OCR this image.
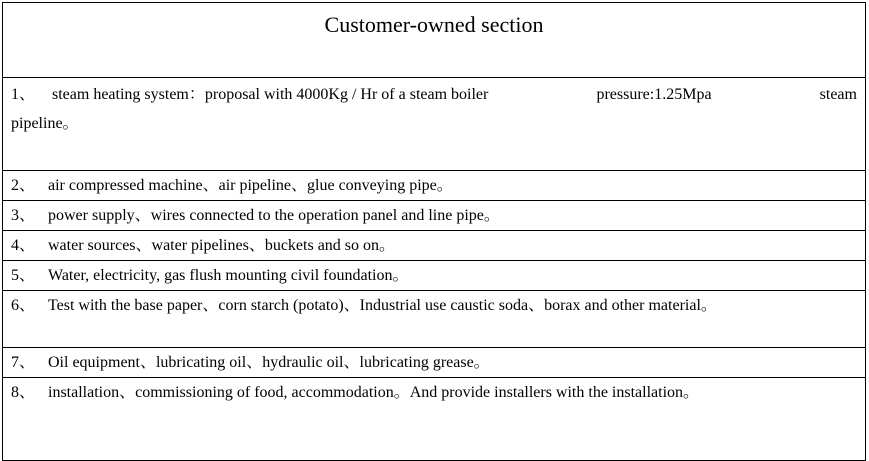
Customer-owned section

1、 steam heating system：proposal with 4000Kg / Hr of a steam boiler	pressure:1.25Mpa	steam
pipeline。

2、 air compressed machine、air pipeline、glue conveying pipe。
3、 power supply、wires connected to the operation panel and line pipe。
4、 water sources、water pipelines、buckets and so on。
5、 Water, electricity, gas flush mounting civil foundation。
6、 Test with the base paper、corn starch (potato)、Industrial use caustic soda、borax and other material。
7、 Oil equipment、lubricating oil、hydraulic oil、lubricating grease。
8、 installation、commissioning of food, accommodation。And provide installers with the installation。
